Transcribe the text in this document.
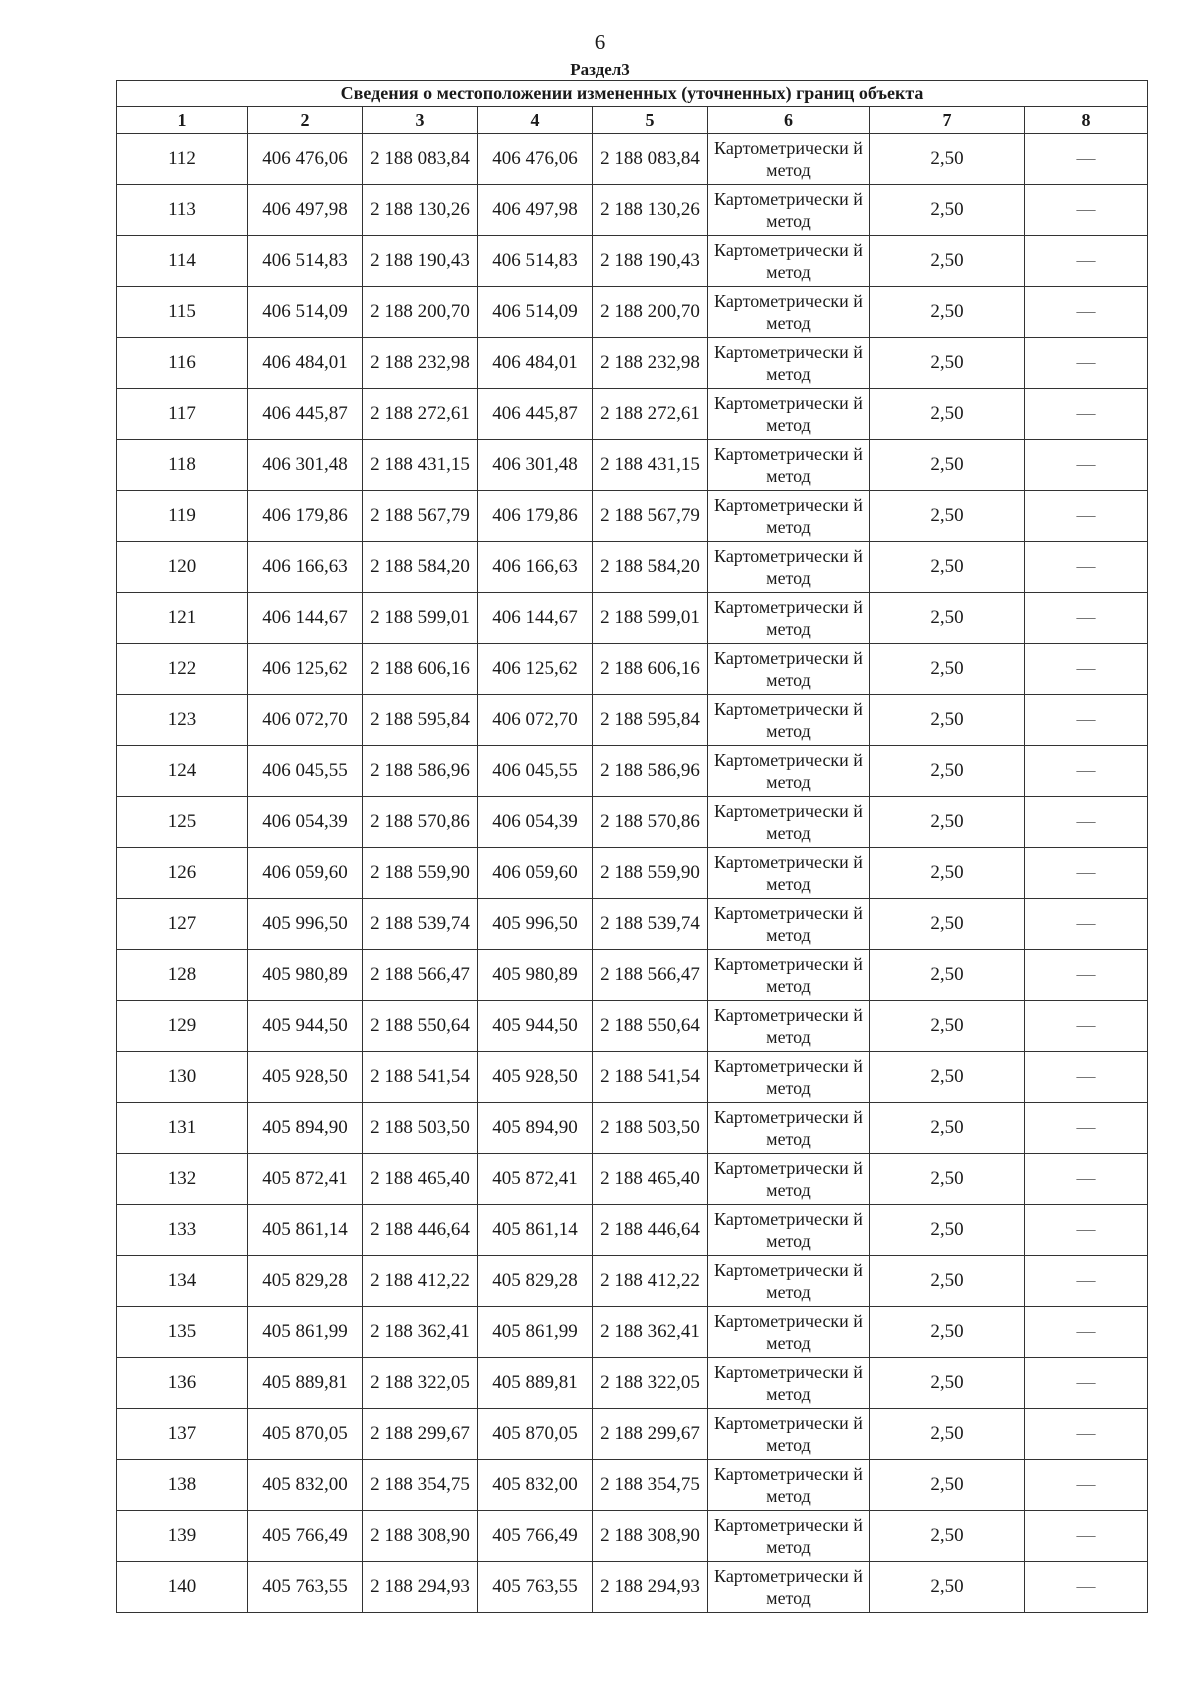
6
Раздел3
Сведения о местоположении измененных (уточненных) границ объекта							
1	2	3	4	5	6	7	8
112	406 476,06	2 188 083,84	406 476,06	2 188 083,84	Картометрически й метод	2,50	—
113	406 497,98	2 188 130,26	406 497,98	2 188 130,26	Картометрически й метод	2,50	—
114	406 514,83	2 188 190,43	406 514,83	2 188 190,43	Картометрически й метод	2,50	—
115	406 514,09	2 188 200,70	406 514,09	2 188 200,70	Картометрически й метод	2,50	—
116	406 484,01	2 188 232,98	406 484,01	2 188 232,98	Картометрически й метод	2,50	—
117	406 445,87	2 188 272,61	406 445,87	2 188 272,61	Картометрически й метод	2,50	—
118	406 301,48	2 188 431,15	406 301,48	2 188 431,15	Картометрически й метод	2,50	—
119	406 179,86	2 188 567,79	406 179,86	2 188 567,79	Картометрически й метод	2,50	—
120	406 166,63	2 188 584,20	406 166,63	2 188 584,20	Картометрически й метод	2,50	—
121	406 144,67	2 188 599,01	406 144,67	2 188 599,01	Картометрически й метод	2,50	—
122	406 125,62	2 188 606,16	406 125,62	2 188 606,16	Картометрически й метод	2,50	—
123	406 072,70	2 188 595,84	406 072,70	2 188 595,84	Картометрически й метод	2,50	—
124	406 045,55	2 188 586,96	406 045,55	2 188 586,96	Картометрически й метод	2,50	—
125	406 054,39	2 188 570,86	406 054,39	2 188 570,86	Картометрически й метод	2,50	—
126	406 059,60	2 188 559,90	406 059,60	2 188 559,90	Картометрически й метод	2,50	—
127	405 996,50	2 188 539,74	405 996,50	2 188 539,74	Картометрически й метод	2,50	—
128	405 980,89	2 188 566,47	405 980,89	2 188 566,47	Картометрически й метод	2,50	—
129	405 944,50	2 188 550,64	405 944,50	2 188 550,64	Картометрически й метод	2,50	—
130	405 928,50	2 188 541,54	405 928,50	2 188 541,54	Картометрически й метод	2,50	—
131	405 894,90	2 188 503,50	405 894,90	2 188 503,50	Картометрически й метод	2,50	—
132	405 872,41	2 188 465,40	405 872,41	2 188 465,40	Картометрически й метод	2,50	—
133	405 861,14	2 188 446,64	405 861,14	2 188 446,64	Картометрически й метод	2,50	—
134	405 829,28	2 188 412,22	405 829,28	2 188 412,22	Картометрически й метод	2,50	—
135	405 861,99	2 188 362,41	405 861,99	2 188 362,41	Картометрически й метод	2,50	—
136	405 889,81	2 188 322,05	405 889,81	2 188 322,05	Картометрически й метод	2,50	—
137	405 870,05	2 188 299,67	405 870,05	2 188 299,67	Картометрически й метод	2,50	—
138	405 832,00	2 188 354,75	405 832,00	2 188 354,75	Картометрически й метод	2,50	—
139	405 766,49	2 188 308,90	405 766,49	2 188 308,90	Картометрически й метод	2,50	—
140	405 763,55	2 188 294,93	405 763,55	2 188 294,93	Картометрически й метод	2,50	—
